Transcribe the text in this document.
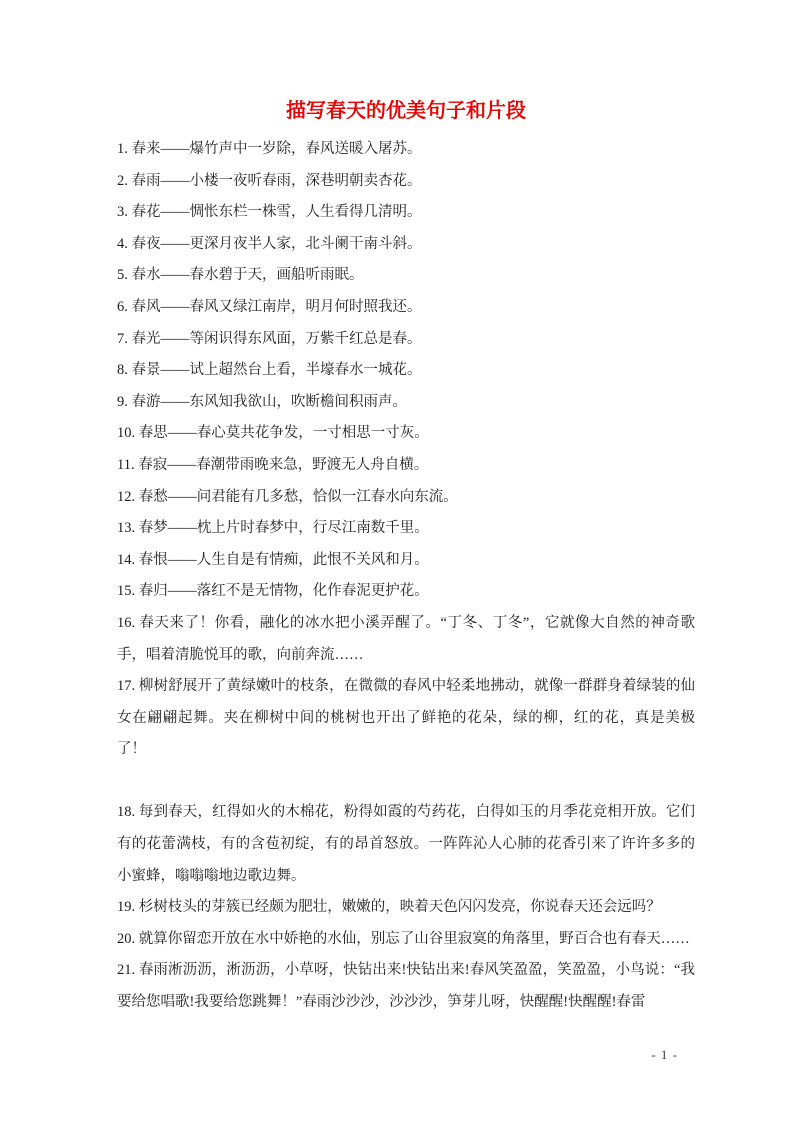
描写春天的优美句子和片段

1. 春来——爆竹声中一岁除，春风送暖入屠苏。

2. 春雨——小楼一夜听春雨，深巷明朝卖杏花。

3. 春花——惆怅东栏一株雪，人生看得几清明。

4. 春夜——更深月夜半人家，北斗阑干南斗斜。

5. 春水——春水碧于天，画船听雨眠。

6. 春风——春风又绿江南岸，明月何时照我还。

7. 春光——等闲识得东风面，万紫千红总是春。

8. 春景——试上超然台上看，半壕春水一城花。

9. 春游——东风知我欲山，吹断檐间积雨声。

10. 春思——春心莫共花争发，一寸相思一寸灰。

11. 春寂——春潮带雨晚来急，野渡无人舟自横。

12. 春愁——问君能有几多愁，恰似一江春水向东流。

13. 春梦——枕上片时春梦中，行尽江南数千里。

14. 春恨——人生自是有情痴，此恨不关风和月。

15. 春归——落红不是无情物，化作春泥更护花。

16. 春天来了！你看，融化的冰水把小溪弄醒了。“丁冬、丁冬”，它就像大自然的神奇歌手，唱着清脆悦耳的歌，向前奔流……

17. 柳树舒展开了黄绿嫩叶的枝条，在微微的春风中轻柔地拂动，就像一群群身着绿装的仙女在翩翩起舞。夹在柳树中间的桃树也开出了鲜艳的花朵，绿的柳，红的花，真是美极了！

18. 每到春天，红得如火的木棉花，粉得如霞的芍药花，白得如玉的月季花竞相开放。它们有的花蕾满枝，有的含苞初绽，有的昂首怒放。一阵阵沁人心肺的花香引来了许许多多的小蜜蜂，嗡嗡嗡地边歌边舞。

19. 杉树枝头的芽簇已经颇为肥壮，嫩嫩的，映着天色闪闪发亮，你说春天还会远吗？

20. 就算你留恋开放在水中娇艳的水仙，别忘了山谷里寂寞的角落里，野百合也有春天……

21. 春雨淅沥沥，淅沥沥，小草呀，快钻出来!快钻出来!春风笑盈盈，笑盈盈，小鸟说：“我要给您唱歌!我要给您跳舞！”春雨沙沙沙，沙沙沙，笋芽儿呀，快醒醒!快醒醒!春雷

- 1 -
